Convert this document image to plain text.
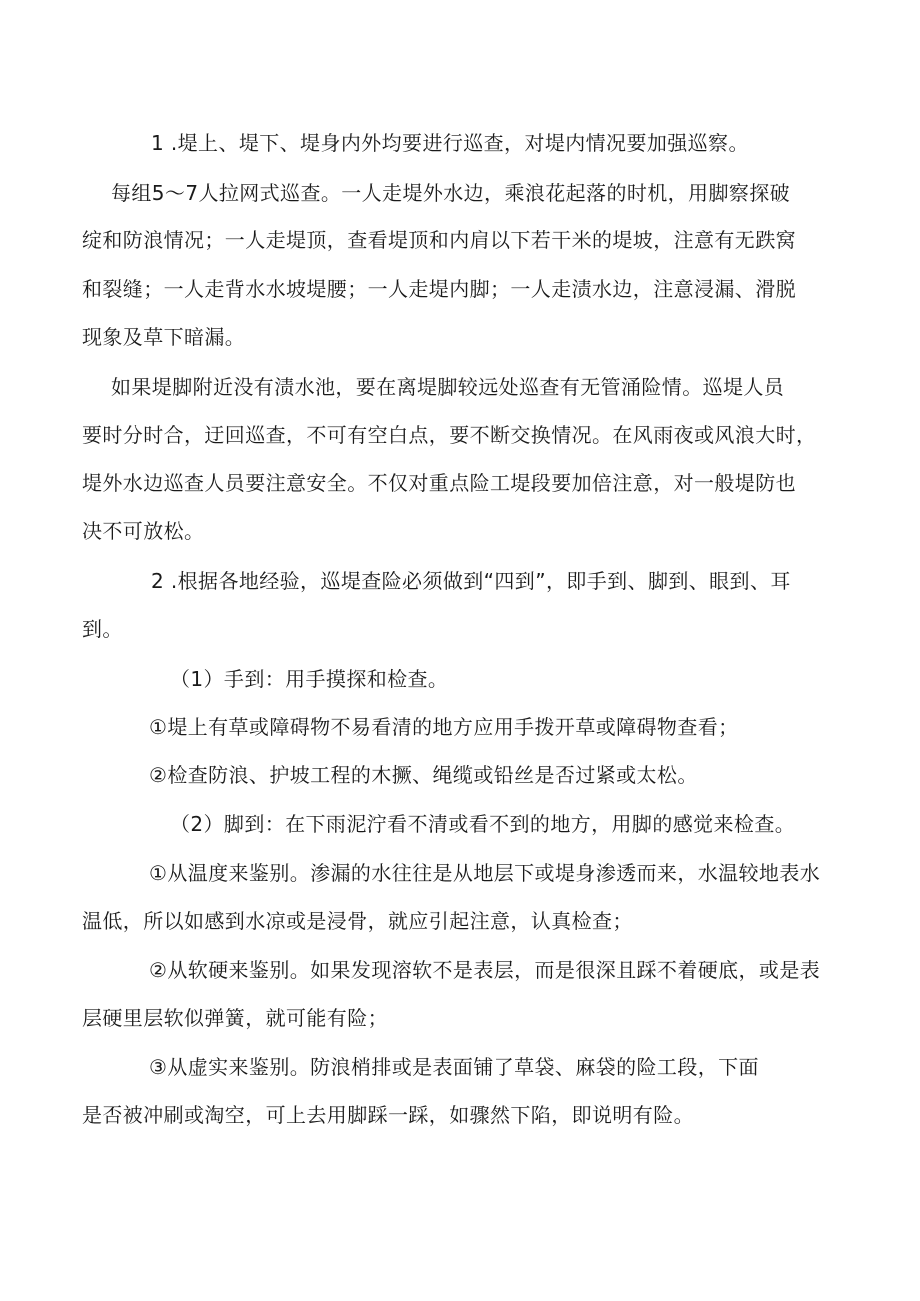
1 .堤上、堤下、堤身内外均要进行巡查，对堤内情况要加强巡察。
每组5～7人拉网式巡查。一人走堤外水边，乘浪花起落的时机，用脚察探破
绽和防浪情况；一人走堤顶，查看堤顶和内肩以下若干米的堤坡，注意有无跌窝
和裂缝；一人走背水水坡堤腰；一人走堤内脚；一人走渍水边，注意浸漏、滑脱
现象及草下暗漏。
如果堤脚附近没有渍水池，要在离堤脚较远处巡查有无管涌险情。巡堤人员
要时分时合，迂回巡查，不可有空白点，要不断交换情况。在风雨夜或风浪大时，
堤外水边巡查人员要注意安全。不仅对重点险工堤段要加倍注意，对一般堤防也
决不可放松。
2 .根据各地经验，巡堤查险必须做到“四到”，即手到、脚到、眼到、耳
到。
（1）手到：用手摸探和检查。
①堤上有草或障碍物不易看清的地方应用手拨开草或障碍物查看；
②检查防浪、护坡工程的木撅、绳缆或铅丝是否过紧或太松。
（2）脚到：在下雨泥泞看不清或看不到的地方，用脚的感觉来检查。
①从温度来鉴别。渗漏的水往往是从地层下或堤身渗透而来，水温较地表水
温低，所以如感到水凉或是浸骨，就应引起注意，认真检查；
②从软硬来鉴别。如果发现溶软不是表层，而是很深且踩不着硬底，或是表
层硬里层软似弹簧，就可能有险；
③从虚实来鉴别。防浪梢排或是表面铺了草袋、麻袋的险工段，下面
是否被冲刷或淘空，可上去用脚踩一踩，如骤然下陷，即说明有险。
